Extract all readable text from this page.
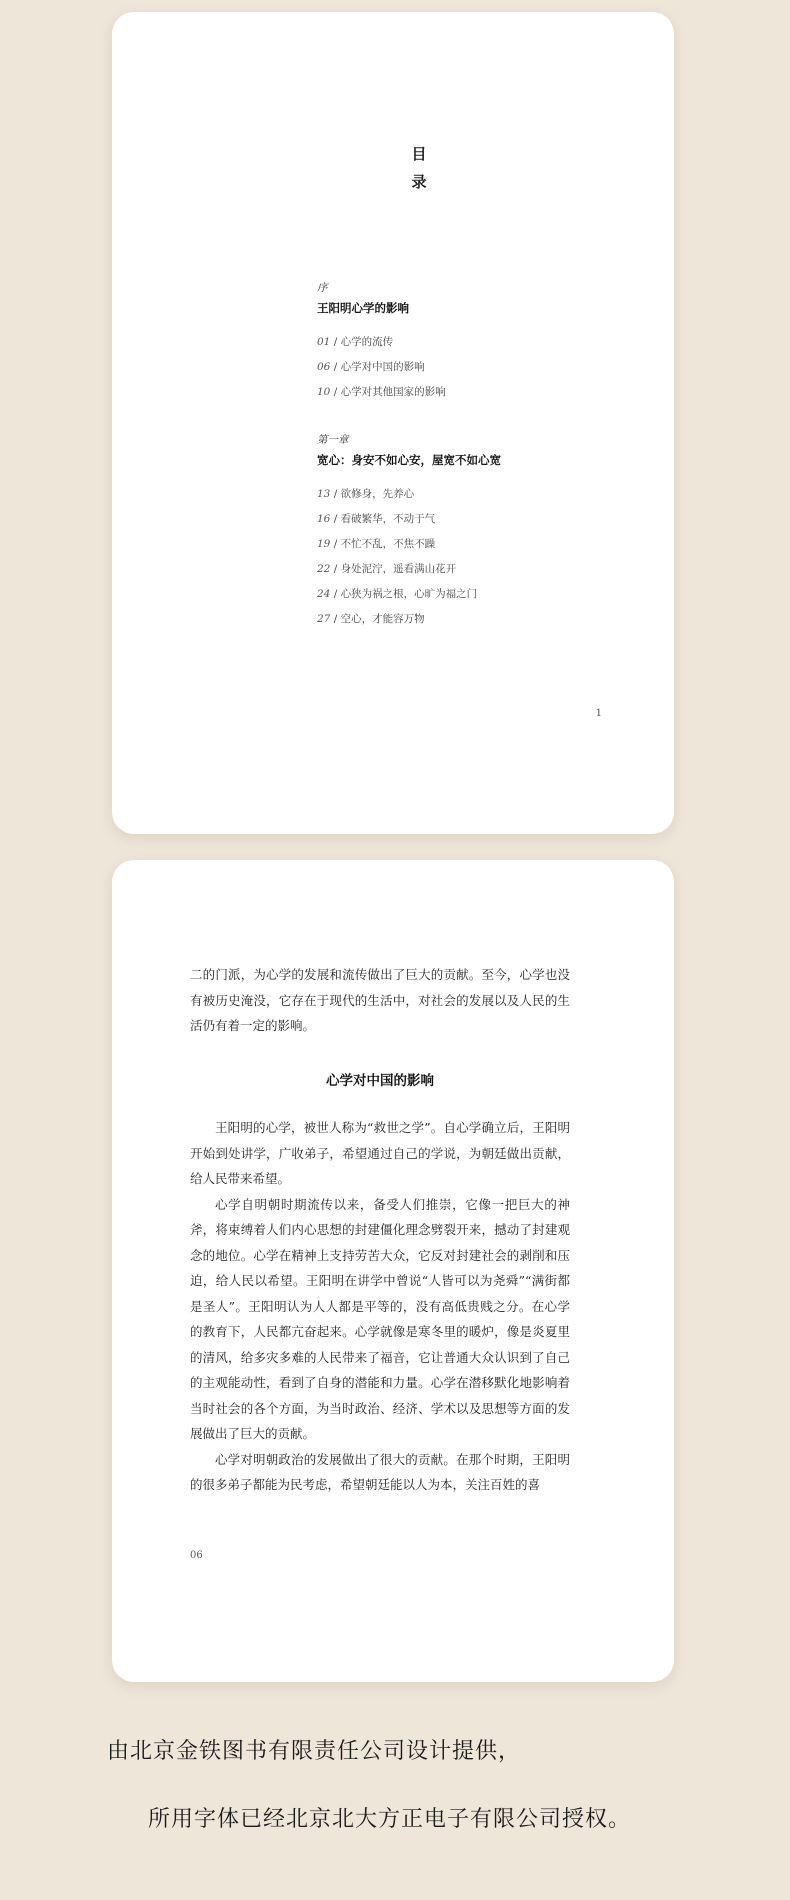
目
录
序
王阳明心学的影响
01 / 心学的流传
06 / 心学对中国的影响
10 / 心学对其他国家的影响
第一章
宽心：身安不如心安，屋宽不如心宽
13 / 欲修身，先养心
16 / 看破繁华，不动于气
19 / 不忙不乱，不焦不躁
22 / 身处泥泞，遥看满山花开
24 / 心狭为祸之根，心旷为福之门
27 / 空心，才能容万物
1

二的门派，为心学的发展和流传做出了巨大的贡献。至今，心学也没有被历史淹没，它存在于现代的生活中，对社会的发展以及人民的生活仍有着一定的影响。

心学对中国的影响

王阳明的心学，被世人称为“救世之学”。自心学确立后，王阳明开始到处讲学，广收弟子，希望通过自己的学说，为朝廷做出贡献，给人民带来希望。

心学自明朝时期流传以来，备受人们推崇，它像一把巨大的神斧，将束缚着人们内心思想的封建僵化理念劈裂开来，撼动了封建观念的地位。心学在精神上支持劳苦大众，它反对封建社会的剥削和压迫，给人民以希望。王阳明在讲学中曾说“人皆可以为尧舜”“满街都是圣人”。王阳明认为人人都是平等的，没有高低贵贱之分。在心学的教育下，人民都亢奋起来。心学就像是寒冬里的暖炉，像是炎夏里的清风，给多灾多难的人民带来了福音，它让普通大众认识到了自己的主观能动性，看到了自身的潜能和力量。心学在潜移默化地影响着当时社会的各个方面，为当时政治、经济、学术以及思想等方面的发展做出了巨大的贡献。

心学对明朝政治的发展做出了很大的贡献。在那个时期，王阳明的很多弟子都能为民考虑，希望朝廷能以人为本，关注百姓的喜

06
由北京金铁图书有限责任公司设计提供，
所用字体已经北京北大方正电子有限公司授权。
